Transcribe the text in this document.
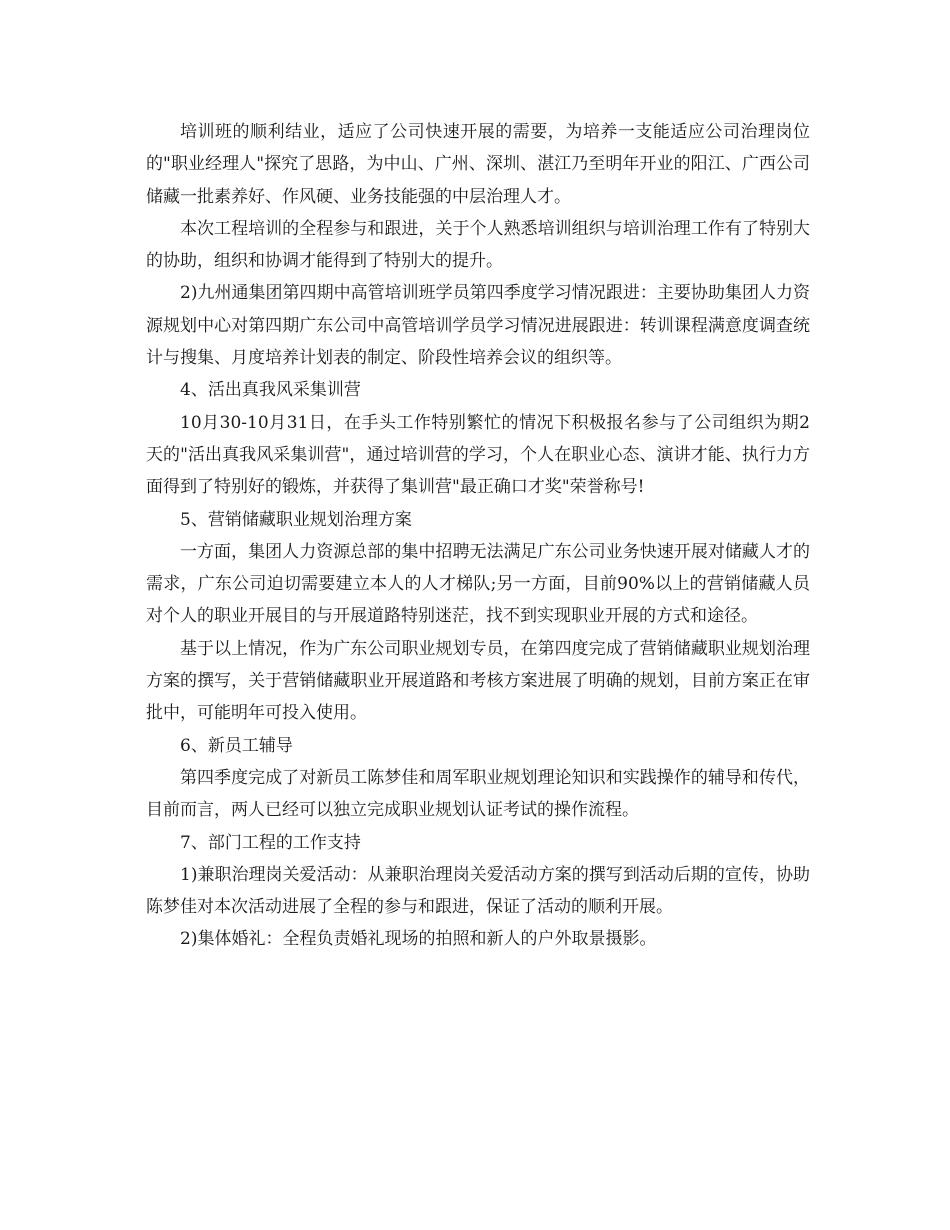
培训班的顺利结业，适应了公司快速开展的需要，为培养一支能适应公司治理岗位的"职业经理人"探究了思路，为中山、广州、深圳、湛江乃至明年开业的阳江、广西公司储藏一批素养好、作风硬、业务技能强的中层治理人才。

本次工程培训的全程参与和跟进，关于个人熟悉培训组织与培训治理工作有了特别大的协助，组织和协调才能得到了特别大的提升。

2)九州通集团第四期中高管培训班学员第四季度学习情况跟进：主要协助集团人力资源规划中心对第四期广东公司中高管培训学员学习情况进展跟进：转训课程满意度调查统计与搜集、月度培养计划表的制定、阶段性培养会议的组织等。

4、活出真我风采集训营

10月30-10月31日，在手头工作特别繁忙的情况下积极报名参与了公司组织为期2天的"活出真我风采集训营"，通过培训营的学习，个人在职业心态、演讲才能、执行力方面得到了特别好的锻炼，并获得了集训营"最正确口才奖"荣誉称号!

5、营销储藏职业规划治理方案

一方面，集团人力资源总部的集中招聘无法满足广东公司业务快速开展对储藏人才的需求，广东公司迫切需要建立本人的人才梯队;另一方面，目前90%以上的营销储藏人员对个人的职业开展目的与开展道路特别迷茫，找不到实现职业开展的方式和途径。

基于以上情况，作为广东公司职业规划专员，在第四度完成了营销储藏职业规划治理方案的撰写，关于营销储藏职业开展道路和考核方案进展了明确的规划，目前方案正在审批中，可能明年可投入使用。

6、新员工辅导

第四季度完成了对新员工陈梦佳和周军职业规划理论知识和实践操作的辅导和传代，目前而言，两人已经可以独立完成职业规划认证考试的操作流程。

7、部门工程的工作支持

1)兼职治理岗关爱活动：从兼职治理岗关爱活动方案的撰写到活动后期的宣传，协助陈梦佳对本次活动进展了全程的参与和跟进，保证了活动的顺利开展。

2)集体婚礼：全程负责婚礼现场的拍照和新人的户外取景摄影。
